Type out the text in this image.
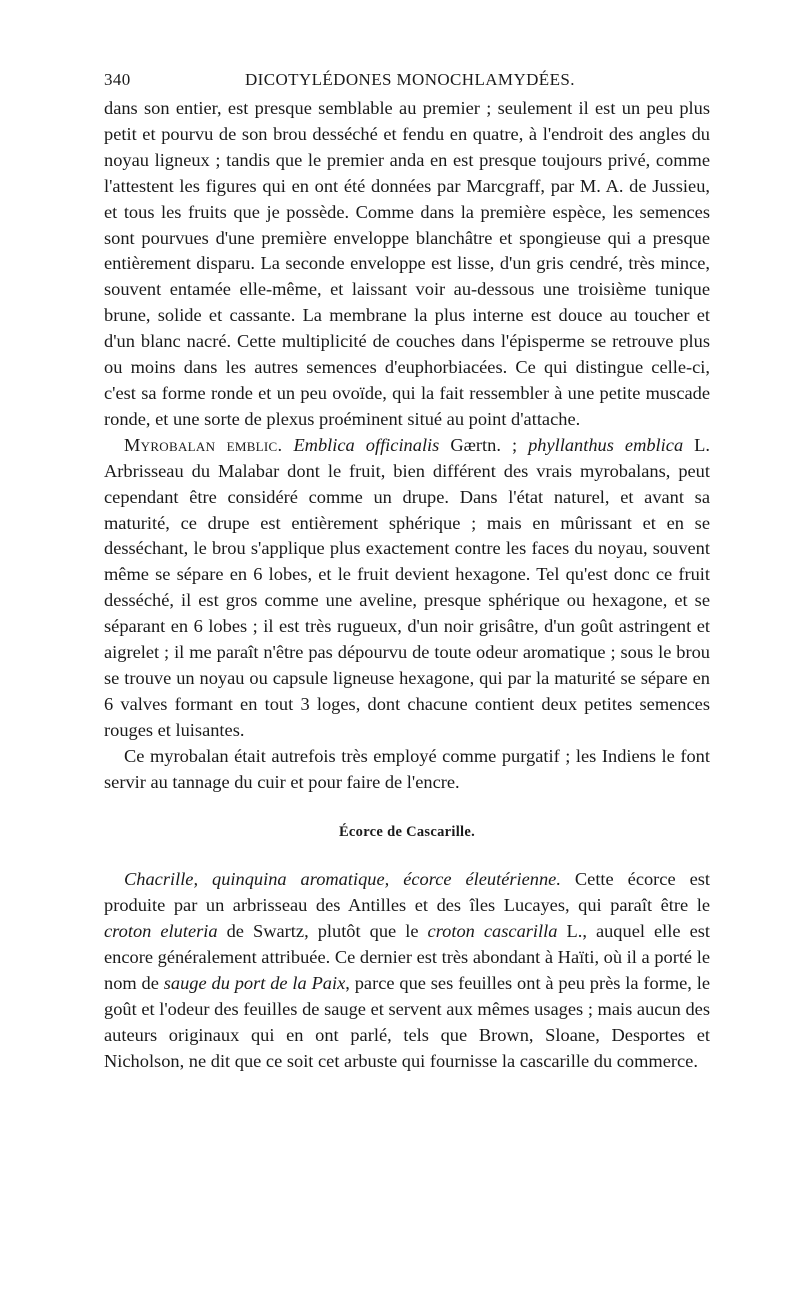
340	DICOTYLÉDONES MONOCHLAMYDÉES.

dans son entier, est presque semblable au premier ; seulement il est un peu plus petit et pourvu de son brou desséché et fendu en quatre, à l'endroit des angles du noyau ligneux ; tandis que le premier anda en est presque toujours privé, comme l'attestent les figures qui en ont été données par Marcgraff, par M. A. de Jussieu, et tous les fruits que je possède. Comme dans la première espèce, les semences sont pourvues d'une première enveloppe blanchâtre et spongieuse qui a presque entièrement disparu. La seconde enveloppe est lisse, d'un gris cendré, très mince, souvent entamée elle-même, et laissant voir au-dessous une troisième tunique brune, solide et cassante. La membrane la plus interne est douce au toucher et d'un blanc nacré. Cette multiplicité de couches dans l'épisperme se retrouve plus ou moins dans les autres semences d'euphorbiacées. Ce qui distingue celle-ci, c'est sa forme ronde et un peu ovoïde, qui la fait ressembler à une petite muscade ronde, et une sorte de plexus proéminent situé au point d'attache.

Myrobalan emblic. Emblica officinalis Gærtn. ; phyllanthus emblica L. Arbrisseau du Malabar dont le fruit, bien différent des vrais myrobalans, peut cependant être considéré comme un drupe. Dans l'état naturel, et avant sa maturité, ce drupe est entièrement sphérique ; mais en mûrissant et en se desséchant, le brou s'applique plus exactement contre les faces du noyau, souvent même se sépare en 6 lobes, et le fruit devient hexagone. Tel qu'est donc ce fruit desséché, il est gros comme une aveline, presque sphérique ou hexagone, et se séparant en 6 lobes ; il est très rugueux, d'un noir grisâtre, d'un goût astringent et aigrelet ; il me paraît n'être pas dépourvu de toute odeur aromatique ; sous le brou se trouve un noyau ou capsule ligneuse hexagone, qui par la maturité se sépare en 6 valves formant en tout 3 loges, dont chacune contient deux petites semences rouges et luisantes.

Ce myrobalan était autrefois très employé comme purgatif ; les Indiens le font servir au tannage du cuir et pour faire de l'encre.

Écorce de Cascarille.

Chacrille, quinquina aromatique, écorce éleutérienne. Cette écorce est produite par un arbrisseau des Antilles et des îles Lucayes, qui paraît être le croton eluteria de Swartz, plutôt que le croton cascarilla L., auquel elle est encore généralement attribuée. Ce dernier est très abondant à Haïti, où il a porté le nom de sauge du port de la Paix, parce que ses feuilles ont à peu près la forme, le goût et l'odeur des feuilles de sauge et servent aux mêmes usages ; mais aucun des auteurs originaux qui en ont parlé, tels que Brown, Sloane, Desportes et Nicholson, ne dit que ce soit cet arbuste qui fournisse la cascarille du commerce.
